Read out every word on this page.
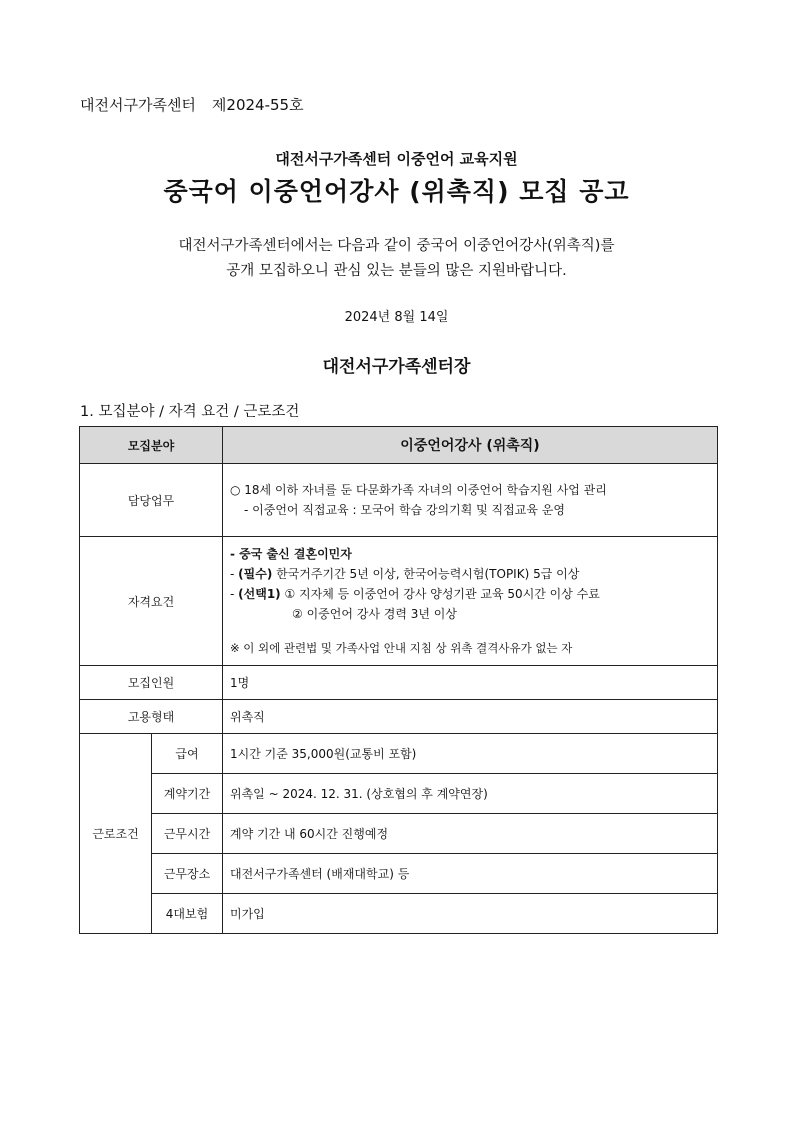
대전서구가족센터 제2024-55호
대전서구가족센터 이중언어 교육지원
중국어 이중언어강사 (위촉직) 모집 공고
대전서구가족센터에서는 다음과 같이 중국어 이중언어강사(위촉직)를
공개 모집하오니 관심 있는 분들의 많은 지원바랍니다.
2024년 8월 14일
대전서구가족센터장
1. 모집분야 / 자격 요건 / 근로조건
모집분야		이중언어강사 (위촉직)
담당업무		○ 18세 이하 자녀를 둔 다문화가족 자녀의 이중언어 학습지원 사업 관리
- 이중언어 직접교육 : 모국어 학습 강의기획 및 직접교육 운영

자격요건		- 중국 출신 결혼이민자
- (필수) 한국거주기간 5년 이상, 한국어능력시험(TOPIK) 5급 이상
- (선택1) ① 지자체 등 이중언어 강사 양성기관 교육 50시간 이상 수료
② 이중언어 강사 경력 3년 이상
※ 이 외에 관련법 및 가족사업 안내 지침 상 위촉 결격사유가 없는 자

모집인원		1명
고용형태		위촉직
근로조건	급여	1시간 기준 35,000원(교통비 포함)
	계약기간	위촉일 ~ 2024. 12. 31. (상호협의 후 계약연장)
	근무시간	계약 기간 내 60시간 진행예정
	근무장소	대전서구가족센터 (배재대학교) 등
	4대보험	미가입
